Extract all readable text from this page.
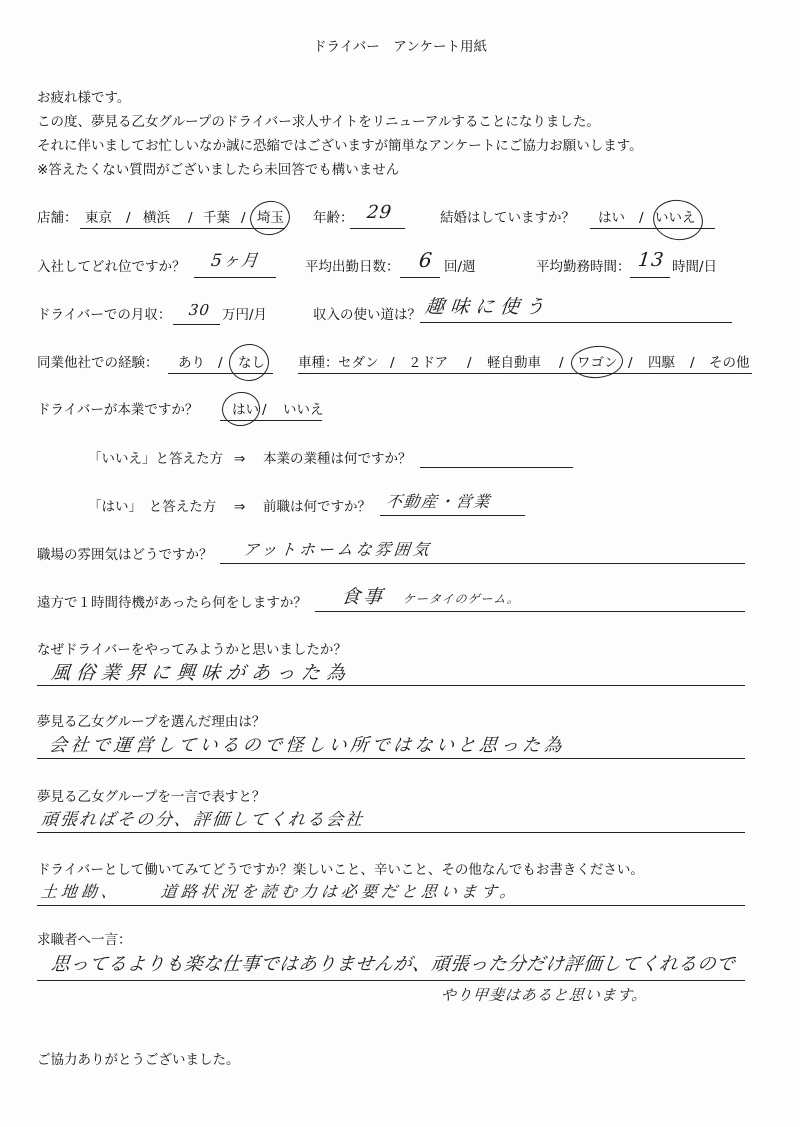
ドライバー　アンケート用紙
お疲れ様です。
この度、夢見る乙女グループのドライバー求人サイトをリニューアルすることになりました。
それに伴いましてお忙しいなか誠に恐縮ではございますが簡単なアンケートにご協力お願いします。
※答えたくない質問がございましたら未回答でも構いません
店舗： 東京 / 横浜 / 千葉 / 埼玉 年齢： 29	結婚はしていますか？ はい / いいえ
入社してどれ位ですか？ 5ヶ月	平均出勤日数： 6 回/週	平均勤務時間： 13 時間/日
ドライバーでの月収： 30 万円/月	収入の使い道は？ 趣味に使う
同業他社での経験： あり / なし 車種： セダン / ２ドア / 軽自動車 / ワゴン / 四駆 / その他
ドライバーが本業ですか？ はい / いいえ
「いいえ」と答えた方 ⇒ 本業の業種は何ですか？
「はい」　と答えた方 ⇒ 前職は何ですか？ 不動産・営業
職場の雰囲気はどうですか？ アットホームな雰囲気
遠方で１時間待機があったら何をしますか？ 食事 ケータイのゲーム。
なぜドライバーをやってみようかと思いましたか？
風俗業界に興味があった為
夢見る乙女グループを選んだ理由は？
会社で運営しているので怪しい所ではないと思った為
夢見る乙女グループを一言で表すと？
頑張ればその分、評価してくれる会社
ドライバーとして働いてみてどうですか？楽しいこと、辛いこと、その他なんでもお書きください。
土地勘、 道路状況を読む力は必要だと思います。
求職者へ一言：
思ってるよりも楽な仕事ではありませんが、頑張った分だけ評価してくれるので
やり甲斐はあると思います。
ご協力ありがとうございました。
